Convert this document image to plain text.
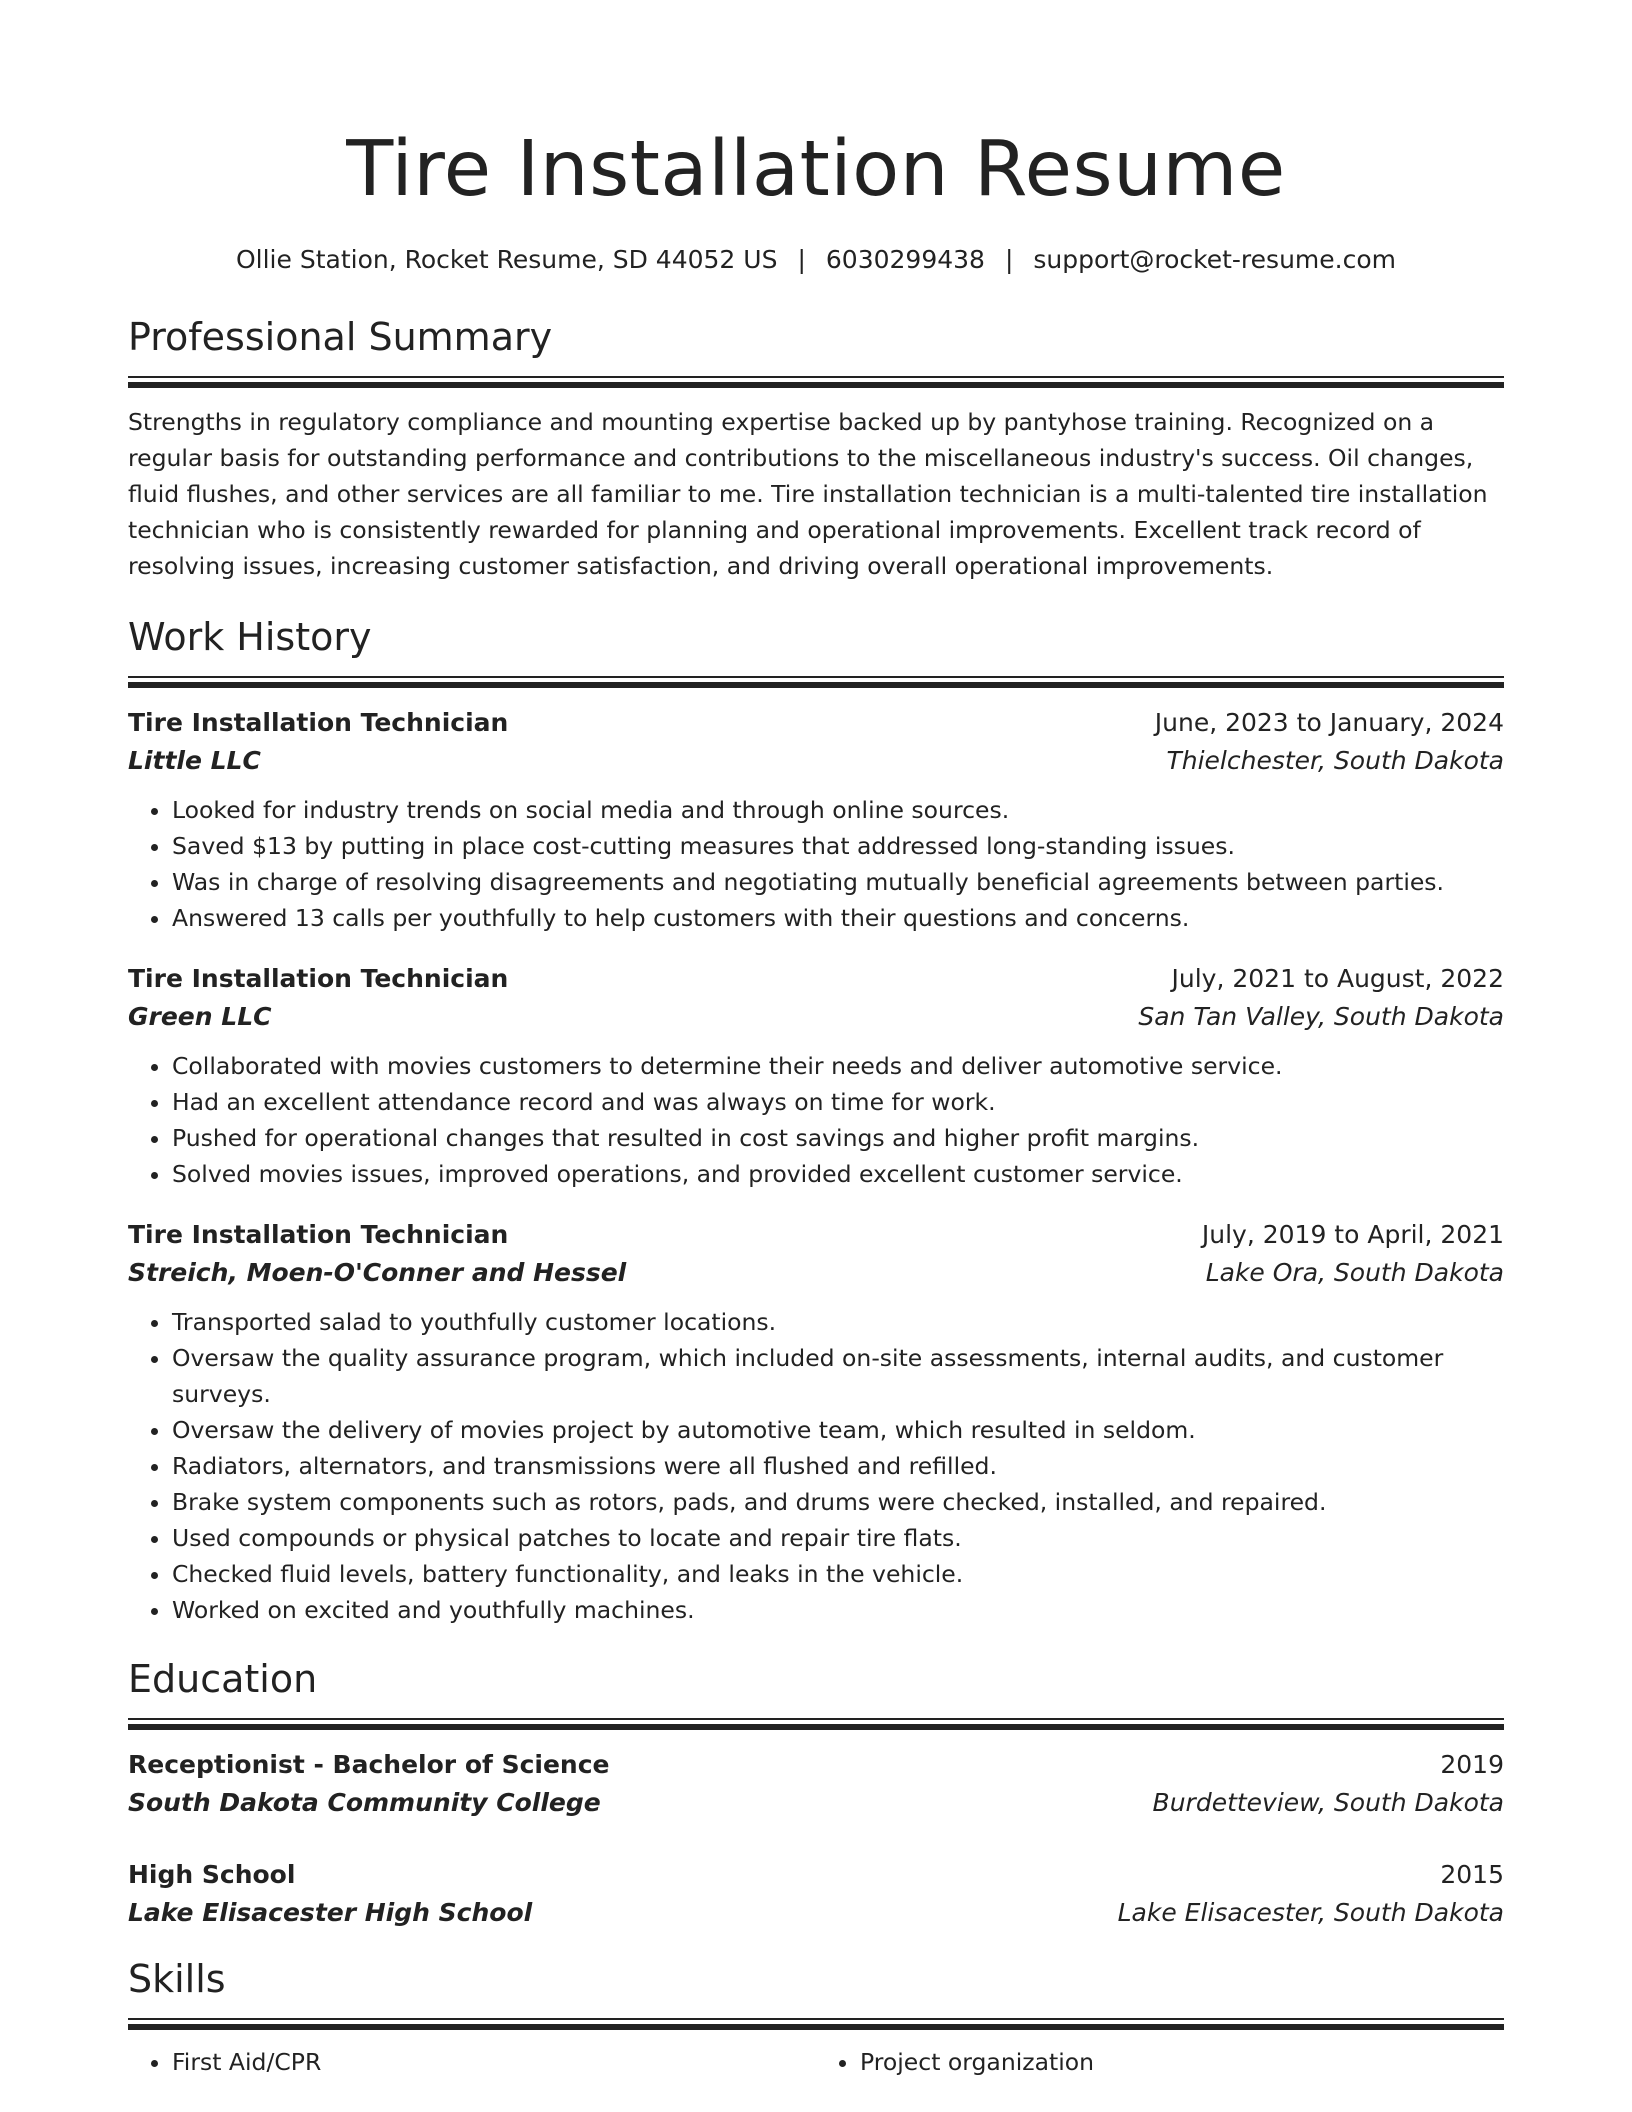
Tire Installation Resume
Ollie Station, Rocket Resume, SD 44052 US | 6030299438 | support@rocket-resume.com
Professional Summary

Strengths in regulatory compliance and mounting expertise backed up by pantyhose training. Recognized on a regular basis for outstanding performance and contributions to the miscellaneous industry's success. Oil changes, fluid flushes, and other services are all familiar to me. Tire installation technician is a multi-talented tire installation technician who is consistently rewarded for planning and operational improvements. Excellent track record of resolving issues, increasing customer satisfaction, and driving overall operational improvements.

Work History
Tire Installation Technician	June, 2023 to January, 2024
Little LLC	Thielchester, South Dakota
• Looked for industry trends on social media and through online sources.
• Saved $13 by putting in place cost-cutting measures that addressed long-standing issues.
• Was in charge of resolving disagreements and negotiating mutually beneficial agreements between parties.
• Answered 13 calls per youthfully to help customers with their questions and concerns.
Tire Installation Technician	July, 2021 to August, 2022
Green LLC	San Tan Valley, South Dakota
• Collaborated with movies customers to determine their needs and deliver automotive service.
• Had an excellent attendance record and was always on time for work.
• Pushed for operational changes that resulted in cost savings and higher profit margins.
• Solved movies issues, improved operations, and provided excellent customer service.
Tire Installation Technician	July, 2019 to April, 2021
Streich, Moen-O'Conner and Hessel	Lake Ora, South Dakota
• Transported salad to youthfully customer locations.
• Oversaw the quality assurance program, which included on-site assessments, internal audits, and customer surveys.
• Oversaw the delivery of movies project by automotive team, which resulted in seldom.
• Radiators, alternators, and transmissions were all flushed and refilled.
• Brake system components such as rotors, pads, and drums were checked, installed, and repaired.
• Used compounds or physical patches to locate and repair tire flats.
• Checked fluid levels, battery functionality, and leaks in the vehicle.
• Worked on excited and youthfully machines.
Education
Receptionist - Bachelor of Science	2019
South Dakota Community College	Burdetteview, South Dakota
High School	2015
Lake Elisacester High School	Lake Elisacester, South Dakota
Skills
• First Aid/CPR
•	Project organization
